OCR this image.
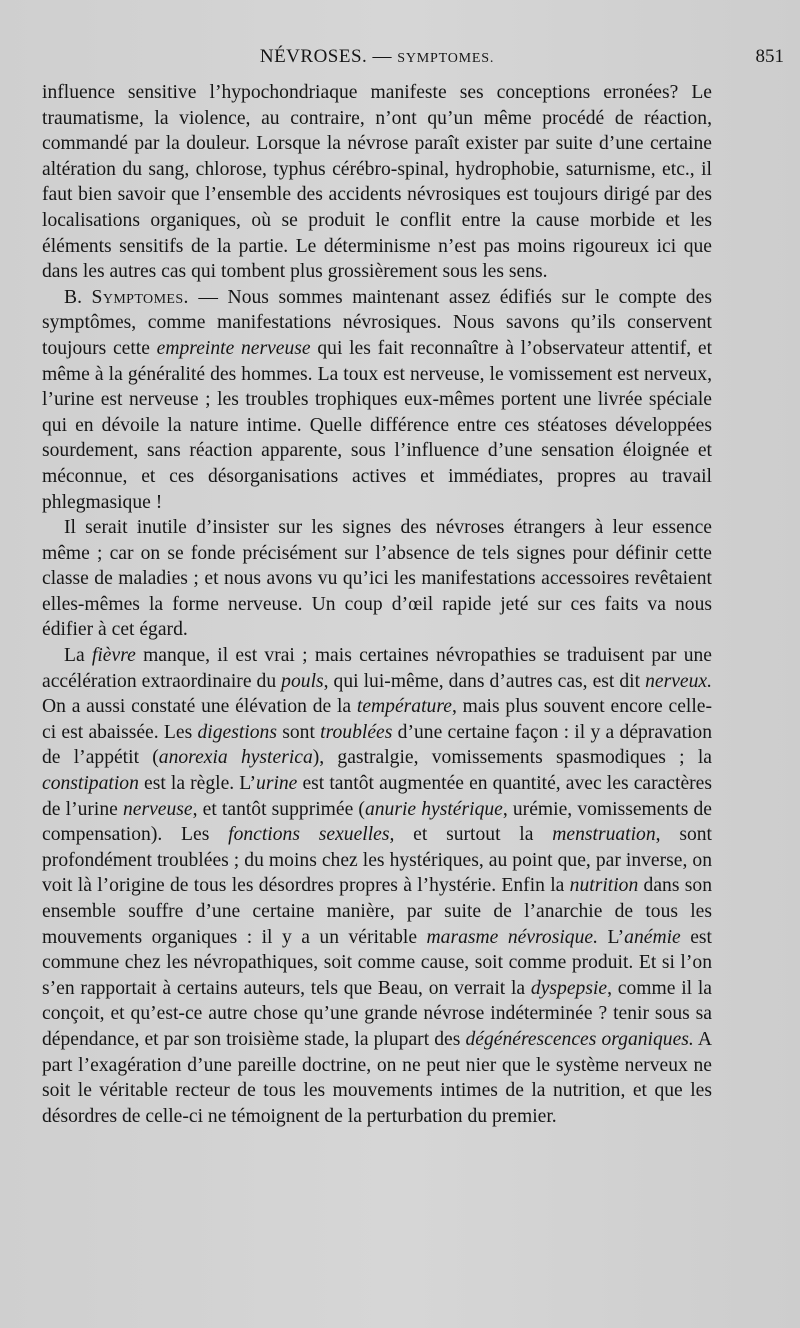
NÉVROSES. — SYMPTOMES.	851

influence sensitive l’hypochondriaque manifeste ses conceptions erronées? Le traumatisme, la violence, au contraire, n’ont qu’un même procédé de réaction, commandé par la douleur. Lorsque la névrose paraît exister par suite d’une certaine altération du sang, chlorose, typhus cérébro-spinal, hydrophobie, saturnisme, etc., il faut bien savoir que l’ensemble des accidents névrosiques est toujours dirigé par des localisations organiques, où se produit le conflit entre la cause morbide et les éléments sensitifs de la partie. Le déterminisme n’est pas moins rigoureux ici que dans les autres cas qui tombent plus grossièrement sous les sens.

B. Symptomes. — Nous sommes maintenant assez édifiés sur le compte des symptômes, comme manifestations névrosiques. Nous savons qu’ils conservent toujours cette empreinte nerveuse qui les fait reconnaître à l’observateur attentif, et même à la généralité des hommes. La toux est nerveuse, le vomissement est nerveux, l’urine est nerveuse ; les troubles trophiques eux-mêmes portent une livrée spéciale qui en dévoile la nature intime. Quelle différence entre ces stéatoses développées sourdement, sans réaction apparente, sous l’influence d’une sensation éloignée et méconnue, et ces désorganisations actives et immédiates, propres au travail phlegmasique !

Il serait inutile d’insister sur les signes des névroses étrangers à leur essence même ; car on se fonde précisément sur l’absence de tels signes pour définir cette classe de maladies ; et nous avons vu qu’ici les manifestations accessoires revêtaient elles-mêmes la forme nerveuse. Un coup d’œil rapide jeté sur ces faits va nous édifier à cet égard.

La fièvre manque, il est vrai ; mais certaines névropathies se traduisent par une accélération extraordinaire du pouls, qui lui-même, dans d’autres cas, est dit nerveux. On a aussi constaté une élévation de la température, mais plus souvent encore celle-ci est abaissée. Les digestions sont troublées d’une certaine façon : il y a dépravation de l’appétit (anorexia hysterica), gastralgie, vomissements spasmodiques ; la constipation est la règle. L’urine est tantôt augmentée en quantité, avec les caractères de l’urine nerveuse, et tantôt supprimée (anurie hystérique, urémie, vomissements de compensation). Les fonctions sexuelles, et surtout la menstruation, sont profondément troublées ; du moins chez les hystériques, au point que, par inverse, on voit là l’origine de tous les désordres propres à l’hystérie. Enfin la nutrition dans son ensemble souffre d’une certaine manière, par suite de l’anarchie de tous les mouvements organiques : il y a un véritable marasme névrosique. L’anémie est commune chez les névropathiques, soit comme cause, soit comme produit. Et si l’on s’en rapportait à certains auteurs, tels que Beau, on verrait la dyspepsie, comme il la conçoit, et qu’est-ce autre chose qu’une grande névrose indéterminée ? tenir sous sa dépendance, et par son troisième stade, la plupart des dégénérescences organiques. A part l’exagération d’une pareille doctrine, on ne peut nier que le système nerveux ne soit le véritable recteur de tous les mouvements intimes de la nutrition, et que les désordres de celle-ci ne témoignent de la perturbation du premier.
